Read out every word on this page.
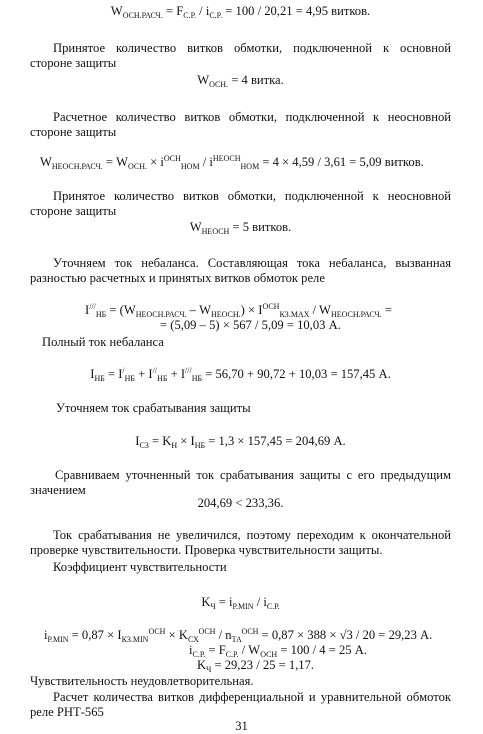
$W_{ОСН.РАСЧ.} = F_{С.Р.} / i_{С.Р.} = 100 / 20,21 = 4,95$ витков.
Принятое количество витков обмотки, подключенной к основной
стороне защиты
$W_{ОСН.} = 4$ витка.
Расчетное количество витков обмотки, подключенной к неосновной
стороне защиты
$W_{НЕОСН.РАСЧ.} = W_{ОСН.} \times i^{ОСН}_{НОМ} / i^{НЕОСН}_{НОМ} = 4 \times 4,59 / 3,61 = 5,09$ витков.
Принятое количество витков обмотки, подключенной к неосновной
стороне защиты
$W_{НЕОСН} = 5$ витков.
Уточняем ток небаланса. Составляющая тока небаланса, вызванная
разностью расчетных и принятых витков обмоток реле
$I^{///}_{НБ} = (W_{НЕОСН.РАСЧ.} - W_{НЕОСН.}) \times I^{ОСН}_{КЗ.MAX} / W_{НЕОСН.РАСЧ.}$ =
= (5,09 – 5) × 567 / 5,09 = 10,03 А.
Полный ток небаланса
$I_{НБ} = I^/_{НБ} + I^{//}_{НБ} + I^{///}_{НБ} = 56,70 + 90,72 + 10,03 = 157,45$ А.
Уточняем ток срабатывания защиты
$I_{СЗ} = K_Н \times I_{НБ} = 1,3 \times 157,45 = 204,69$ А.
Сравниваем уточненный ток срабатывания защиты с его предыдущим
значением
204,69 < 233,36.
Ток срабатывания не увеличился, поэтому переходим к окончательной
проверке чувствительности. Проверка чувствительности защиты.
Коэффициент чувствительности
$K_Ч = i_{Р.MIN} / i_{С.Р.}$
$i_{Р.MIN} = 0,87 \times I_{КЗ.MIN}^{ОСН} \times K_{СХ}^{ОСН} / n_{ТА}^{ОСН} = 0,87 \times 388 \times √3 / 20 = 29,23$ А.
$i_{С.Р.} = F_{С.Р.} / W_{ОСН} = 100 / 4 = 25$ А.
$K_Ч = 29,23 / 25 = 1,17$.
Чувствительность неудовлетворительная.
Расчет количества витков дифференциальной и уравнительной обмоток
реле РНТ-565
31
